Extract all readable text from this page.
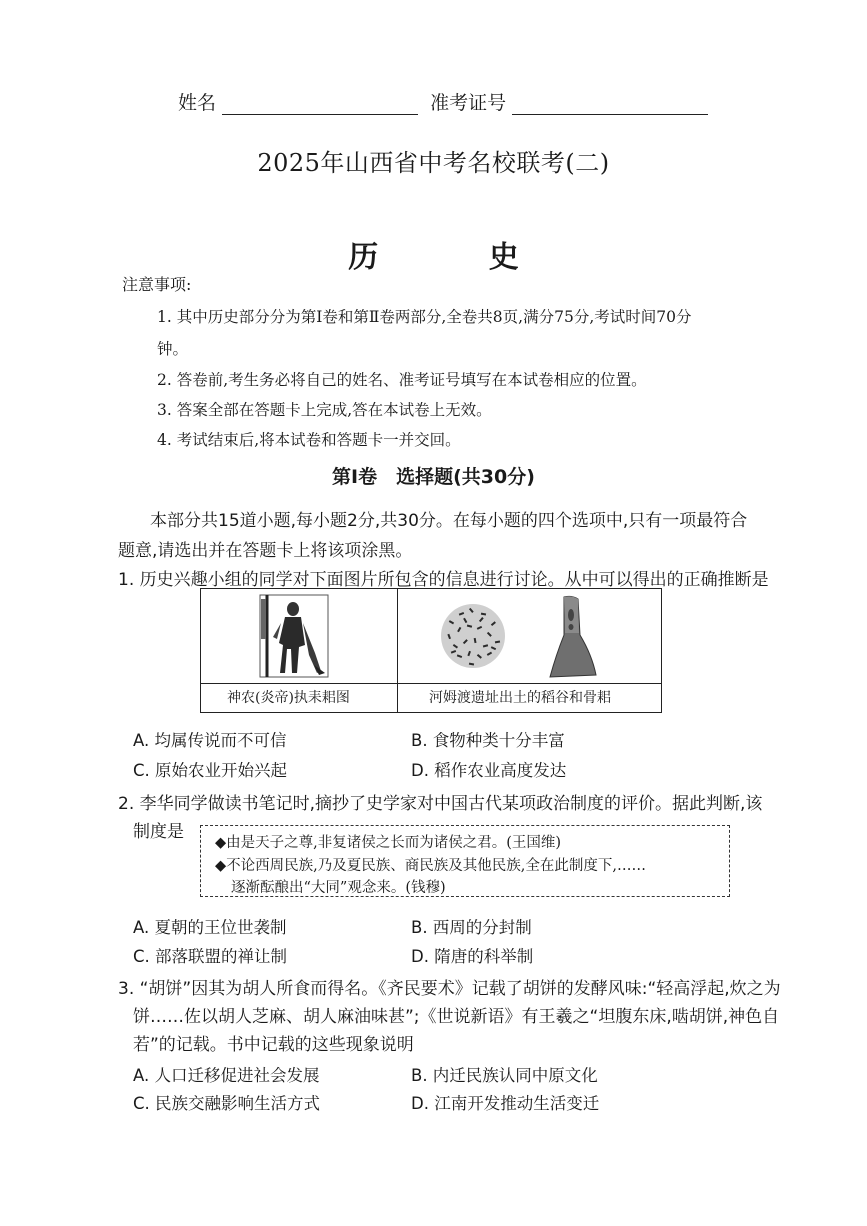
姓名	准考证号
2025年山西省中考名校联考(二)
历 史
注意事项:
1. 其中历史部分分为第Ⅰ卷和第Ⅱ卷两部分,全卷共8页,满分75分,考试时间70分
钟。
2. 答卷前,考生务必将自己的姓名、准考证号填写在本试卷相应的位置。
3. 答案全部在答题卡上完成,答在本试卷上无效。
4. 考试结束后,将本试卷和答题卡一并交回。
第Ⅰ卷　选择题(共30分)
本部分共15道小题,每小题2分,共30分。在每小题的四个选项中,只有一项最符合
题意,请选出并在答题卡上将该项涂黑。
1. 历史兴趣小组的同学对下面图片所包含的信息进行讨论。从中可以得出的正确推断是
神农(炎帝)执耒耜图	河姆渡遗址出土的稻谷和骨耜
A. 均属传说而不可信	B. 食物种类十分丰富
C. 原始农业开始兴起	D. 稻作农业高度发达
2. 李华同学做读书笔记时,摘抄了史学家对中国古代某项政治制度的评价。据此判断,该
制度是
◆由是天子之尊,非复诸侯之长而为诸侯之君。(王国维)
◆不论西周民族,乃及夏民族、商民族及其他民族,全在此制度下,……
逐渐酝酿出“大同”观念来。(钱穆)
A. 夏朝的王位世袭制	B. 西周的分封制
C. 部落联盟的禅让制	D. 隋唐的科举制
3. “胡饼”因其为胡人所食而得名。《齐民要术》记载了胡饼的发酵风味:“轻高浮起,炊之为
饼……佐以胡人芝麻、胡人麻油味甚”;《世说新语》有王羲之“坦腹东床,啮胡饼,神色自
若”的记载。书中记载的这些现象说明
A. 人口迁移促进社会发展	B. 内迁民族认同中原文化
C. 民族交融影响生活方式	D. 江南开发推动生活变迁
